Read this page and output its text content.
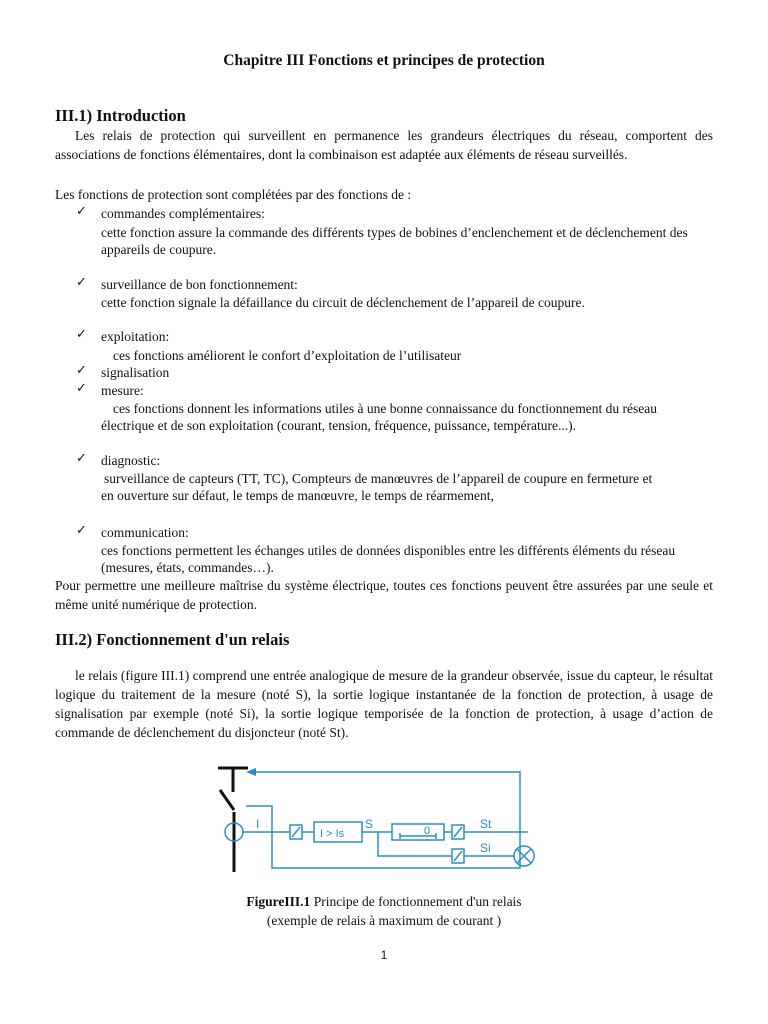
Chapitre III Fonctions et principes de protection
III.1) Introduction
Les relais de protection qui surveillent en permanence les grandeurs électriques du réseau, comportent des associations de fonctions élémentaires, dont la combinaison est adaptée aux éléments de réseau surveillés.
Les fonctions de protection sont complétées par des fonctions de :
✓ commandes complémentaires:
cette fonction assure la commande des différents types de bobines d’enclenchement et de déclenchement des appareils de coupure.
✓ surveillance de bon fonctionnement:
cette fonction signale la défaillance du circuit de déclenchement de l’appareil de coupure.
✓ exploitation:
ces fonctions améliorent le confort d’exploitation de l’utilisateur
✓ signalisation
✓ mesure:
ces fonctions donnent les informations utiles à une bonne connaissance du fonctionnement du réseau électrique et de son exploitation (courant, tension, fréquence, puissance, température...).
✓ diagnostic:
surveillance de capteurs (TT, TC), Compteurs de manœuvres de l’appareil de coupure en fermeture et en ouverture sur défaut, le temps de manœuvre, le temps de réarmement,
✓ communication:
ces fonctions permettent les échanges utiles de données disponibles entre les différents éléments du réseau (mesures, états, commandes…).
Pour permettre une meilleure maîtrise du système électrique, toutes ces fonctions peuvent être assurées par une seule et même unité numérique de protection.
III.2) Fonctionnement d'un relais
le relais (figure III.1) comprend une entrée analogique de mesure de la grandeur observée, issue du capteur, le résultat logique du traitement de la mesure (noté S), la sortie logique instantanée de la fonction de protection, à usage de signalisation par exemple (noté Si), la sortie logique temporisée de la fonction de protection, à usage d’action de commande de déclenchement du disjoncteur (noté St).
I
I > Is
S	0	St
Si
FigureIII.1 Principe de fonctionnement d'un relais
(exemple de relais à maximum de courant )
1
